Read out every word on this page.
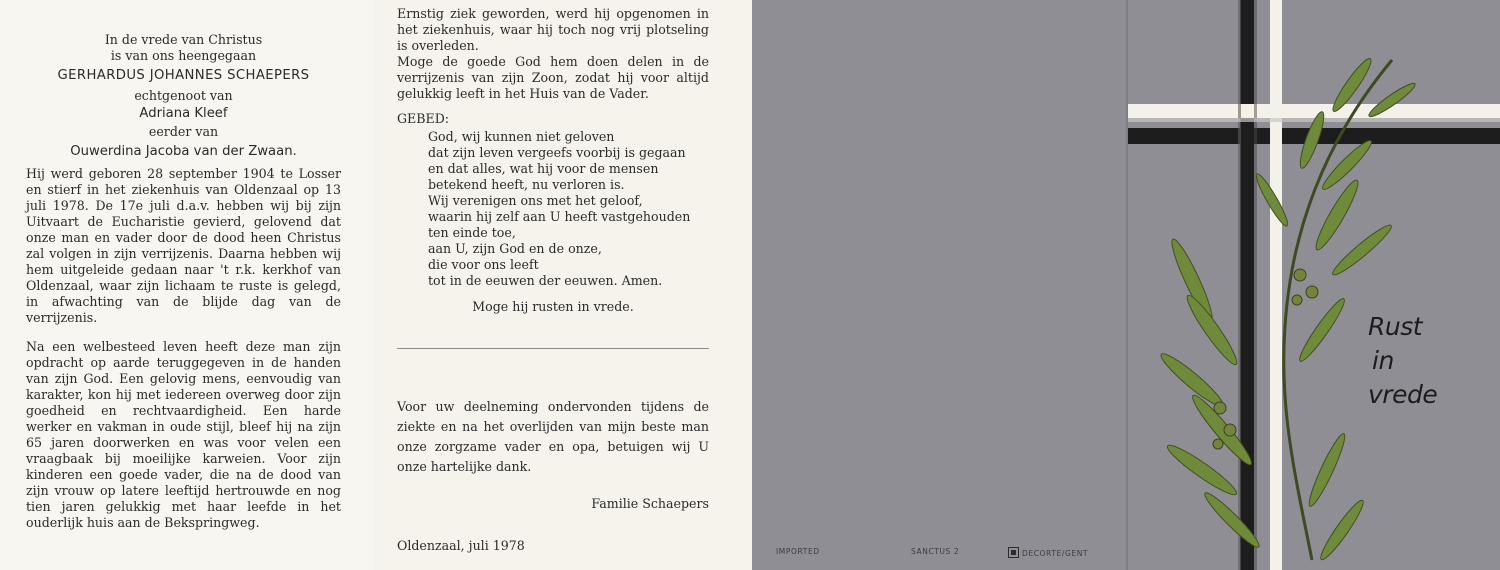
In de vrede van Christus

is van ons heengegaan

GERHARDUS JOHANNES SCHAEPERS

echtgenoot van

Adriana Kleef

eerder van

Ouwerdina Jacoba van der Zwaan.

Hij werd geboren 28 september 1904 te Losser en stierf in het ziekenhuis van Oldenzaal op 13 juli 1978. De 17e juli d.a.v. hebben wij bij zijn Uitvaart de Eucharistie gevierd, gelovend dat onze man en vader door de dood heen Christus zal volgen in zijn verrijzenis. Daarna hebben wij hem uitgeleide gedaan naar 't r.k. kerkhof van Oldenzaal, waar zijn lichaam te ruste is gelegd, in afwachting van de blijde dag van de verrijzenis.

Na een welbesteed leven heeft deze man zijn opdracht op aarde teruggegeven in de handen van zijn God. Een gelovig mens, eenvoudig van karakter, kon hij met iedereen overweg door zijn goedheid en rechtvaardigheid. Een harde werker en vakman in oude stijl, bleef hij na zijn 65 jaren doorwerken en was voor velen een vraagbaak bij moeilijke karweien. Voor zijn kinderen een goede vader, die na de dood van zijn vrouw op latere leeftijd hertrouwde en nog tien jaren gelukkig met haar leefde in het ouderlijk huis aan de Bekspringweg.

Ernstig ziek geworden, werd hij opgenomen in het ziekenhuis, waar hij toch nog vrij plotseling is overleden.

Moge de goede God hem doen delen in de verrijzenis van zijn Zoon, zodat hij voor altijd gelukkig leeft in het Huis van de Vader.

GEBED:

God, wij kunnen niet geloven

dat zijn leven vergeefs voorbij is gegaan

en dat alles, wat hij voor de mensen

betekend heeft, nu verloren is.

Wij verenigen ons met het geloof,

waarin hij zelf aan U heeft vastgehouden

ten einde toe,

aan U, zijn God en de onze,

die voor ons leeft

tot in de eeuwen der eeuwen. Amen.

Moge hij rusten in vrede.

Voor uw deelneming ondervonden tijdens de ziekte en na het overlijden van mijn beste man onze zorgzame vader en opa, betuigen wij U onze hartelijke dank.

Familie Schaepers
Oldenzaal, juli 1978
Rust
in
vrede
IMPORTED	SANCTUS 2	DECORTE/GENT
